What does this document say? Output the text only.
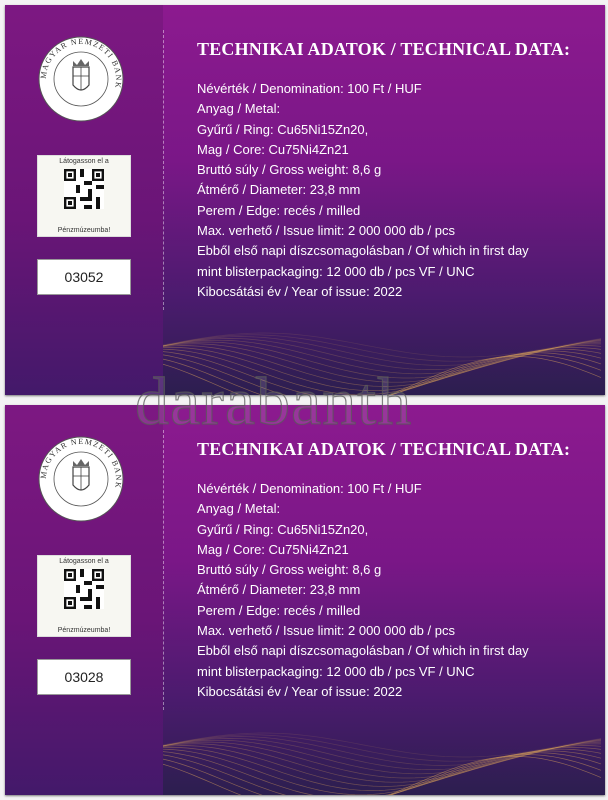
MAGYAR NEMZETI BANK
Látogasson el a
Pénzmúzeumba!
03052
TECHNIKAI ADATOK / TECHNICAL DATA:
Névérték / Denomination: 100 Ft / HUF
Anyag / Metal:
Gyűrű / Ring: Cu65Ni15Zn20,
Mag / Core: Cu75Ni4Zn21
Bruttó súly / Gross weight: 8,6 g
Átmérő / Diameter: 23,8 mm
Perem / Edge: recés / milled
Max. verhető / Issue limit: 2 000 000 db / pcs
Ebből első napi díszcsomagolásban / Of which in first day
mint blisterpackaging: 12 000 db / pcs VF / UNC
Kibocsátási év / Year of issue: 2022
MAGYAR NEMZETI BANK
Látogasson el a
Pénzmúzeumba!
03028
TECHNIKAI ADATOK / TECHNICAL DATA:
Névérték / Denomination: 100 Ft / HUF
Anyag / Metal:
Gyűrű / Ring: Cu65Ni15Zn20,
Mag / Core: Cu75Ni4Zn21
Bruttó súly / Gross weight: 8,6 g
Átmérő / Diameter: 23,8 mm
Perem / Edge: recés / milled
Max. verhető / Issue limit: 2 000 000 db / pcs
Ebből első napi díszcsomagolásban / Of which in first day
mint blisterpackaging: 12 000 db / pcs VF / UNC
Kibocsátási év / Year of issue: 2022
darabanth
